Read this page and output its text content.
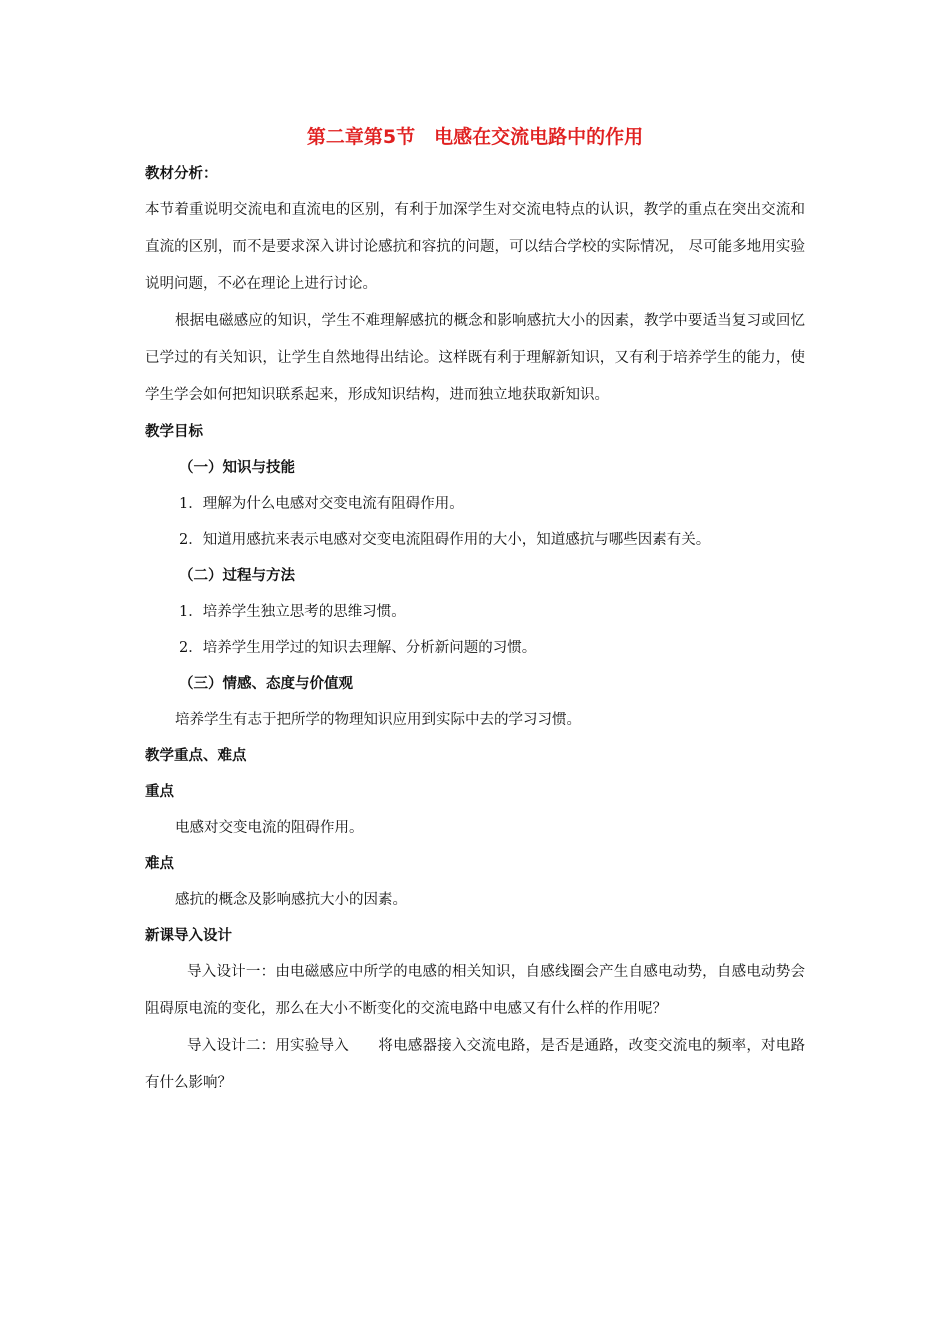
第二章第5节　电感在交流电路中的作用
教材分析：

本节着重说明交流电和直流电的区别，有利于加深学生对交流电特点的认识，教学的重点在突出交流和直流的区别，而不是要求深入讲讨论感抗和容抗的问题，可以结合学校的实际情况， 尽可能多地用实验说明问题，不必在理论上进行讨论。

根据电磁感应的知识，学生不难理解感抗的概念和影响感抗大小的因素，教学中要适当复习或回忆已学过的有关知识，让学生自然地得出结论。这样既有利于理解新知识，又有利于培养学生的能力，使学生学会如何把知识联系起来，形成知识结构，进而独立地获取新知识。

教学目标
（一）知识与技能
1．理解为什么电感对交变电流有阻碍作用。
2．知道用感抗来表示电感对交变电流阻碍作用的大小，知道感抗与哪些因素有关。
（二）过程与方法
1．培养学生独立思考的思维习惯。
2．培养学生用学过的知识去理解、分析新问题的习惯。
（三）情感、态度与价值观
培养学生有志于把所学的物理知识应用到实际中去的学习习惯。
教学重点、难点
重点
电感对交变电流的阻碍作用。
难点
感抗的概念及影响感抗大小的因素。
新课导入设计

导入设计一：由电磁感应中所学的电感的相关知识，自感线圈会产生自感电动势，自感电动势会阻碍原电流的变化，那么在大小不断变化的交流电路中电感又有什么样的作用呢？

导入设计二：用实验导入　　将电感器接入交流电路，是否是通路，改变交流电的频率，对电路有什么影响？
